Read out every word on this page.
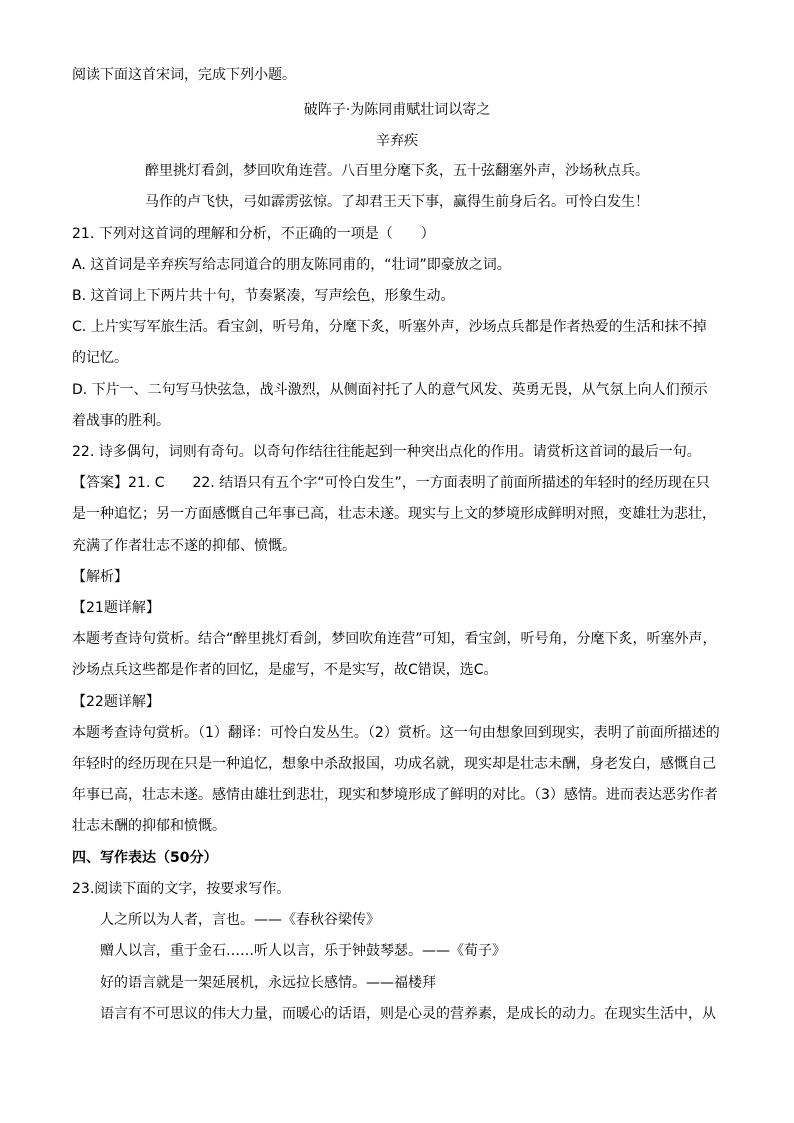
阅读下面这首宋词，完成下列小题。
破阵子·为陈同甫赋壮词以寄之
辛弃疾
醉里挑灯看剑，梦回吹角连营。八百里分麾下炙，五十弦翻塞外声，沙场秋点兵。
马作的卢飞快，弓如霹雳弦惊。了却君王天下事，赢得生前身后名。可怜白发生！
21. 下列对这首词的理解和分析，不正确的一项是（　　）
A. 这首词是辛弃疾写给志同道合的朋友陈同甫的，“壮词”即豪放之词。
B. 这首词上下两片共十句，节奏紧凑，写声绘色，形象生动。
C. 上片实写军旅生活。看宝剑，听号角，分麾下炙，听塞外声，沙场点兵都是作者热爱的生活和抹不掉
的记忆。
D. 下片一、二句写马快弦急，战斗激烈，从侧面衬托了人的意气风发、英勇无畏，从气氛上向人们预示
着战事的胜利。
22. 诗多偶句，词则有奇句。以奇句作结往往能起到一种突出点化的作用。请赏析这首词的最后一句。
【答案】21. C　　22. 结语只有五个字“可怜白发生”，一方面表明了前面所描述的年轻时的经历现在只
是一种追忆；另一方面感慨自己年事已高，壮志未遂。现实与上文的梦境形成鲜明对照，变雄壮为悲壮，
充满了作者壮志不遂的抑郁、愤慨。
【解析】
【21题详解】
本题考查诗句赏析。结合“醉里挑灯看剑，梦回吹角连营”可知，看宝剑，听号角，分麾下炙，听塞外声，
沙场点兵这些都是作者的回忆，是虚写，不是实写，故C错误，选C。
【22题详解】
本题考查诗句赏析。（1）翻译：可怜白发丛生。（2）赏析。这一句由想象回到现实，表明了前面所描述的
年轻时的经历现在只是一种追忆，想象中杀敌报国，功成名就，现实却是壮志未酬，身老发白，感慨自己
年事已高，壮志未遂。感情由雄壮到悲壮，现实和梦境形成了鲜明的对比。（3）感情。进而表达恶劣作者
壮志未酬的抑郁和愤慨。
四、写作表达（50分）
23.阅读下面的文字，按要求写作。
人之所以为人者，言也。——《春秋谷梁传》
赠人以言，重于金石……听人以言，乐于钟鼓琴瑟。——《荀子》
好的语言就是一架延展机，永远拉长感情。——福楼拜
语言有不可思议的伟大力量，而暖心的话语，则是心灵的营养素，是成长的动力。在现实生活中，从
